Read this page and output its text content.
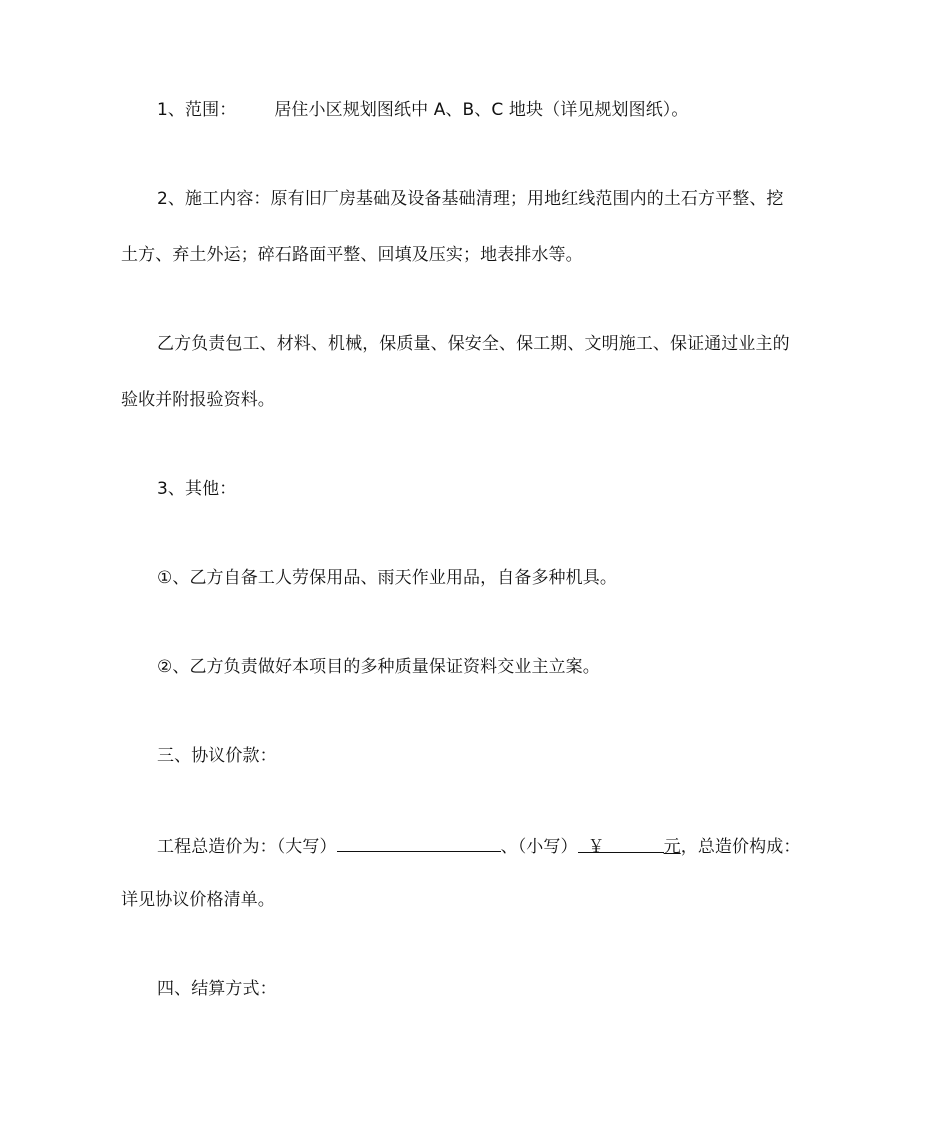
1、范围： 居住小区规划图纸中 A、B、C 地块（详见规划图纸）。
2、施工内容：原有旧厂房基础及设备基础清理；用地红线范围内的土石方平整、挖
土方、弃土外运；碎石路面平整、回填及压实；地表排水等。
乙方负责包工、材料、机械，保质量、保安全、保工期、文明施工、保证通过业主的
验收并附报验资料。
3、其他：
①、乙方自备工人劳保用品、雨天作业用品，自备多种机具。
②、乙方负责做好本项目的多种质量保证资料交业主立案。
三、协议价款：
工程总造价为：（大写）	、（小写） ￥	元，总造价构成：
详见协议价格清单。
四、结算方式：
